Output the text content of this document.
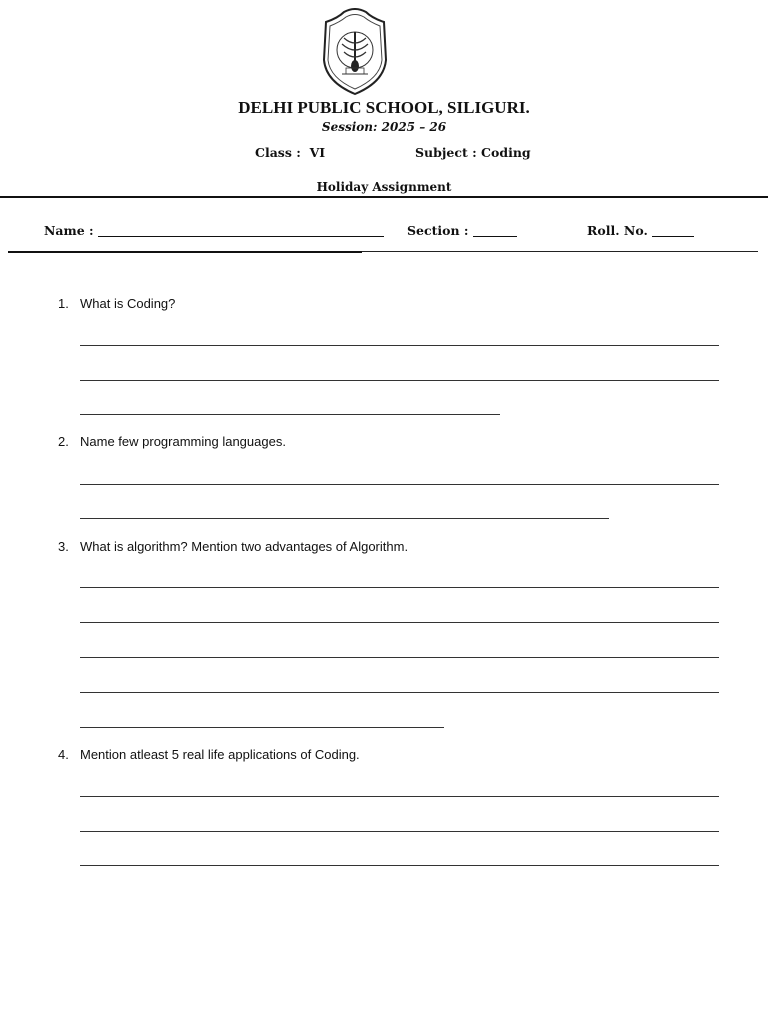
DELHI PUBLIC SCHOOL, SILIGURI.
Session: 2025 – 26
Class : VI	Subject : Coding
Holiday Assignment
Name :	Section :	Roll. No.
1. What is Coding?
2. Name few programming languages.
3. What is algorithm? Mention two advantages of Algorithm.
4. Mention atleast 5 real life applications of Coding.
